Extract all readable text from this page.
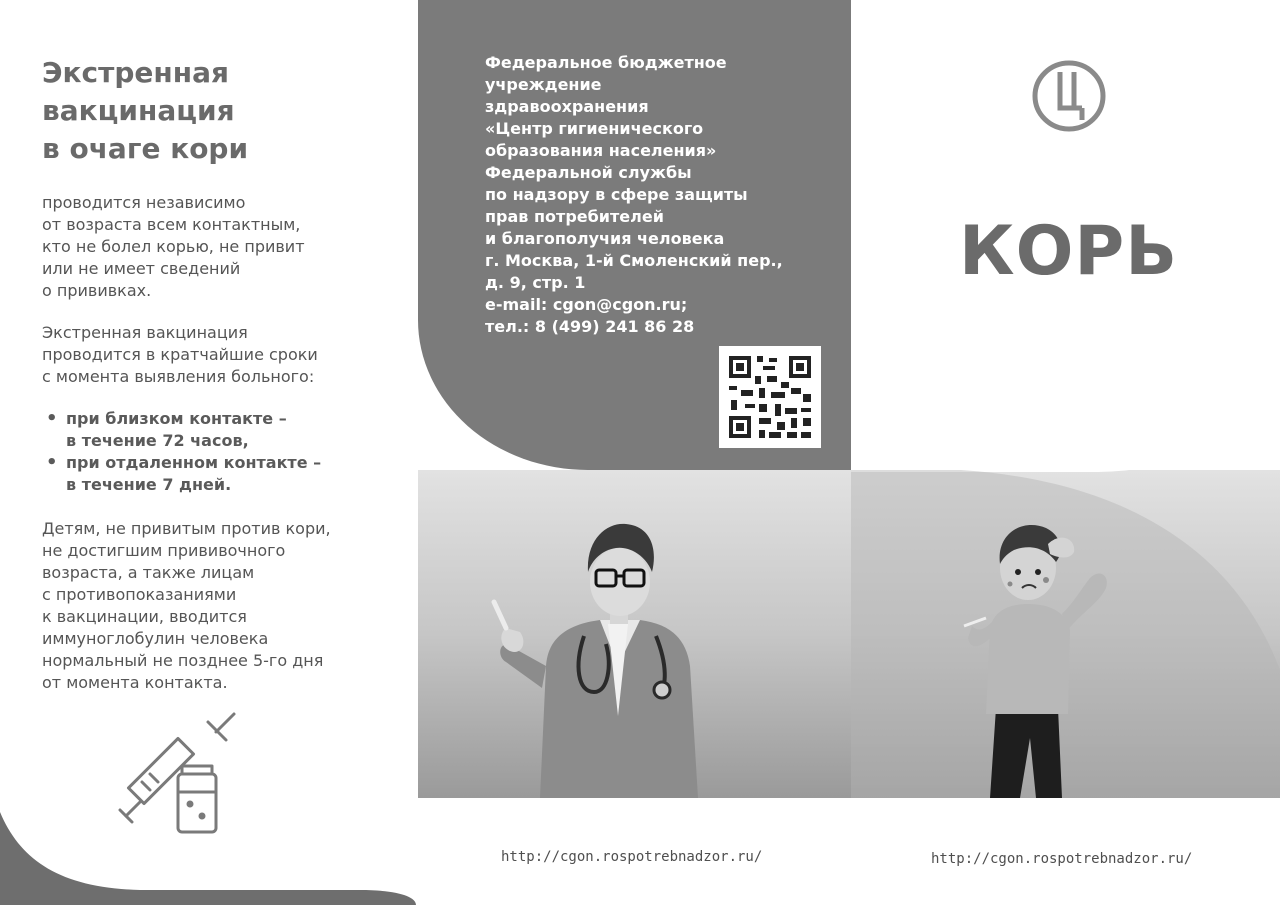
Экстренная
вакцинация
в очаге кори

проводится независимо
от возраста всем контактным,
кто не болел корью, не привит
или не имеет сведений
о прививках.

Экстренная вакцинация
проводится в кратчайшие сроки
с момента выявления больного:

• при близком контакте –
в течение 72 часов,
• при отдаленном контакте –
в течение 7 дней.

Детям, не привитым против кори,
не достигшим прививочного
возраста, а также лицам
с противопоказаниями
к вакцинации, вводится
иммуноглобулин человека
нормальный не позднее 5-го дня
от момента контакта.

Федеральное бюджетное
учреждение
здравоохранения
«Центр гигиенического
образования населения»
Федеральной службы
по надзору в сфере защиты
прав потребителей
и благополучия человека
г. Москва, 1-й Смоленский пер.,
д. 9, стр. 1
e-mail: cgon@cgon.ru;
тел.: 8 (499) 241 86 28

КОРЬ
http://cgon.rospotrebnadzor.ru/	http://cgon.rospotrebnadzor.ru/
